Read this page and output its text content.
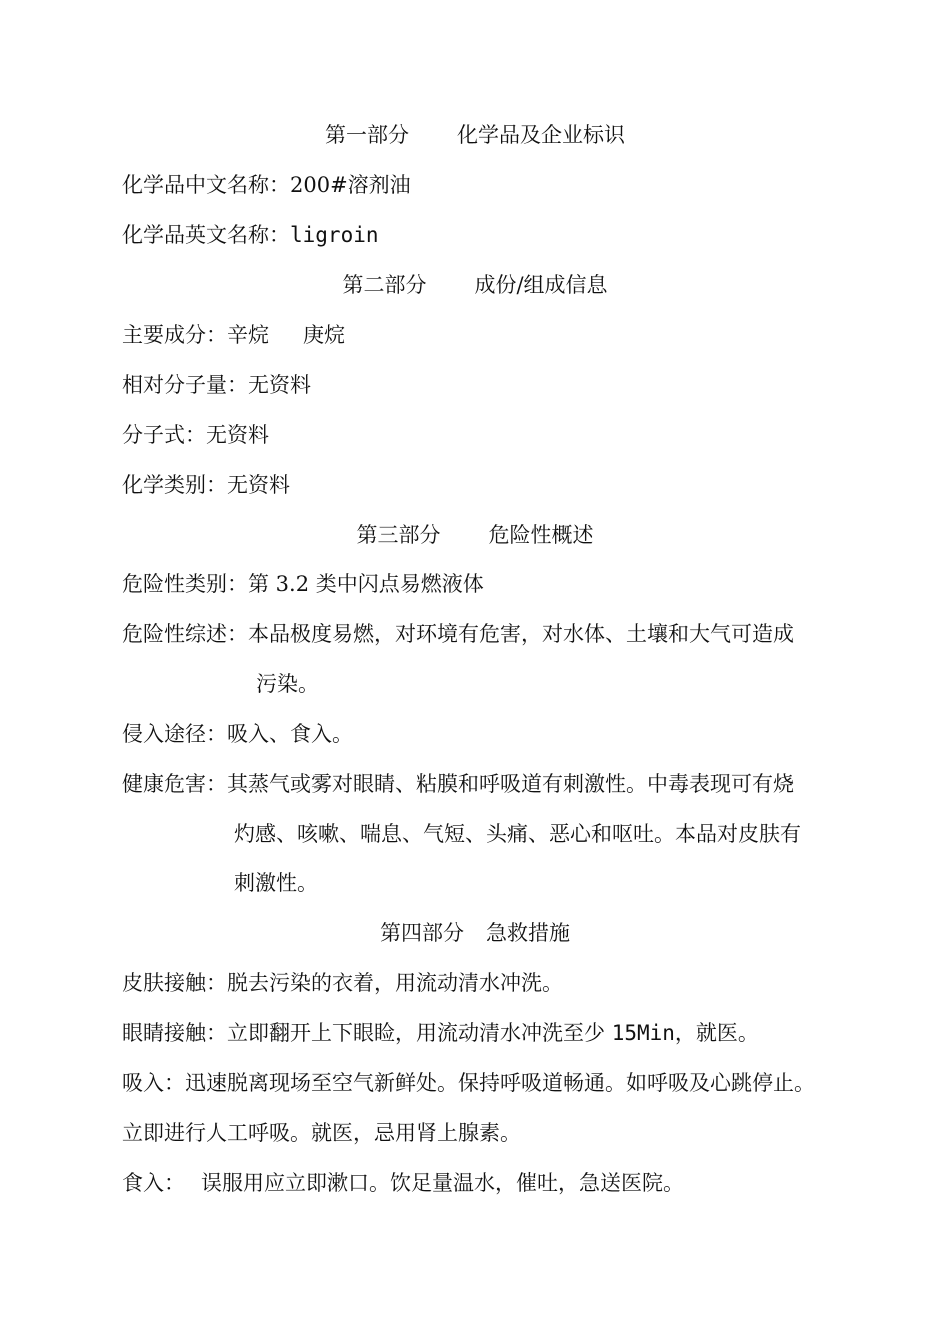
第一部分 化学品及企业标识
化学品中文名称：200#溶剂油
化学品英文名称：ligroin
第二部分 成份/组成信息
主要成分：辛烷 庚烷
相对分子量：无资料
分子式：无资料
化学类别：无资料
第三部分 危险性概述
危险性类别：第 3.2 类中闪点易燃液体
危险性综述：本品极度易燃，对环境有危害，对水体、土壤和大气可造成
污染。
侵入途径：吸入、食入。
健康危害：其蒸气或雾对眼睛、粘膜和呼吸道有刺激性。中毒表现可有烧
灼感、咳嗽、喘息、气短、头痛、恶心和呕吐。本品对皮肤有
刺激性。
第四部分 急救措施
皮肤接触：脱去污染的衣着，用流动清水冲洗。
眼睛接触：立即翻开上下眼睑，用流动清水冲洗至少 15Min，就医。
吸入：迅速脱离现场至空气新鲜处。保持呼吸道畅通。如呼吸及心跳停止。
立即进行人工呼吸。就医，忌用肾上腺素。
食入： 误服用应立即漱口。饮足量温水，催吐，急送医院。
